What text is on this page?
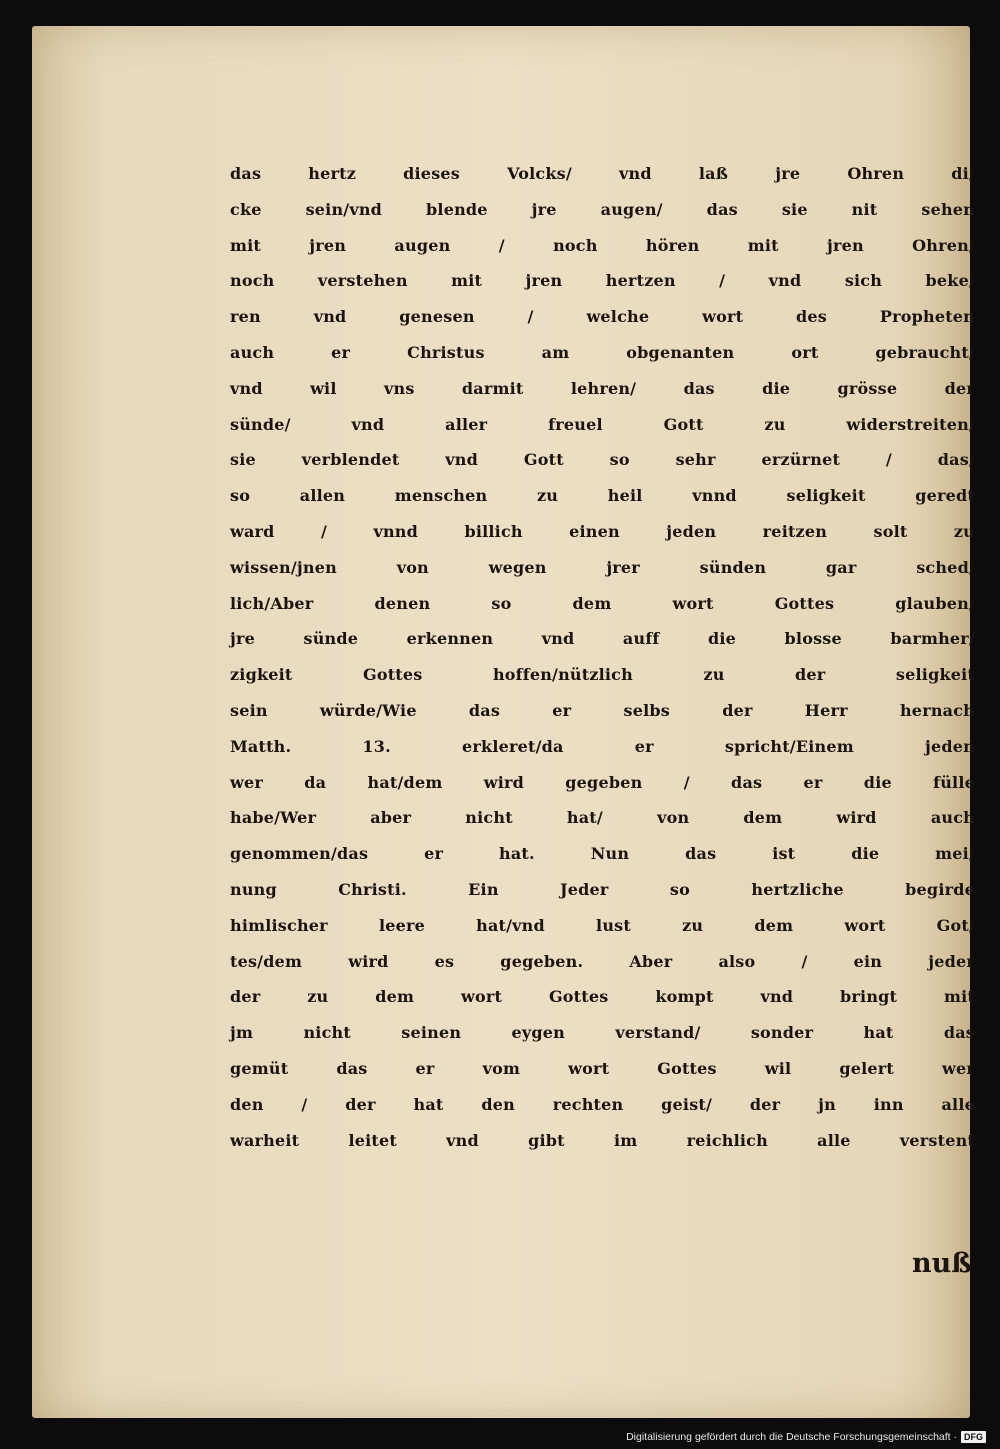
das hertz dieses Volcks/ vnd laß jre Ohren di/
cke sein/vnd blende jre augen/ das sie nit sehen
mit jren augen / noch hören mit jren Ohren/
noch verstehen mit jren hertzen / vnd sich beke/
ren vnd genesen / welche wort des Propheten
auch er Christus am obgenanten ort gebraucht/
vnd wil vns darmit lehren/ das die grösse der
sünde/ vnd aller freuel Gott zu widerstreiten/
sie verblendet vnd Gott so sehr erzürnet / das/
so allen menschen zu heil vnnd seligkeit geredt
ward / vnnd billich einen jeden reitzen solt zu
wissen/jnen von wegen jrer sünden gar sched/
lich/Aber denen so dem wort Gottes glauben/
jre sünde erkennen vnd auff die blosse barmher/
zigkeit Gottes hoffen/nützlich zu der seligkeit
sein würde/Wie das er selbs der Herr hernach
Matth. 13. erkleret/da er spricht/Einem jeden
wer da hat/dem wird gegeben / das er die fülle
habe/Wer aber nicht hat/ von dem wird auch
genommen/das er hat. Nun das ist die mei/
nung Christi. Ein Jeder so hertzliche begirde
himlischer leere hat/vnd lust zu dem wort Got/
tes/dem wird es gegeben. Aber also / ein jeder
der zu dem wort Gottes kompt vnd bringt mit
jm nicht seinen eygen verstand/ sonder hat das
gemüt das er vom wort Gottes wil gelert wer
den / der hat den rechten geist/ der jn inn alle
warheit leitet vnd gibt im reichlich alle verstent
nuß
Digitalisierung gefördert durch die Deutsche Forschungsgemeinschaft · DFG
